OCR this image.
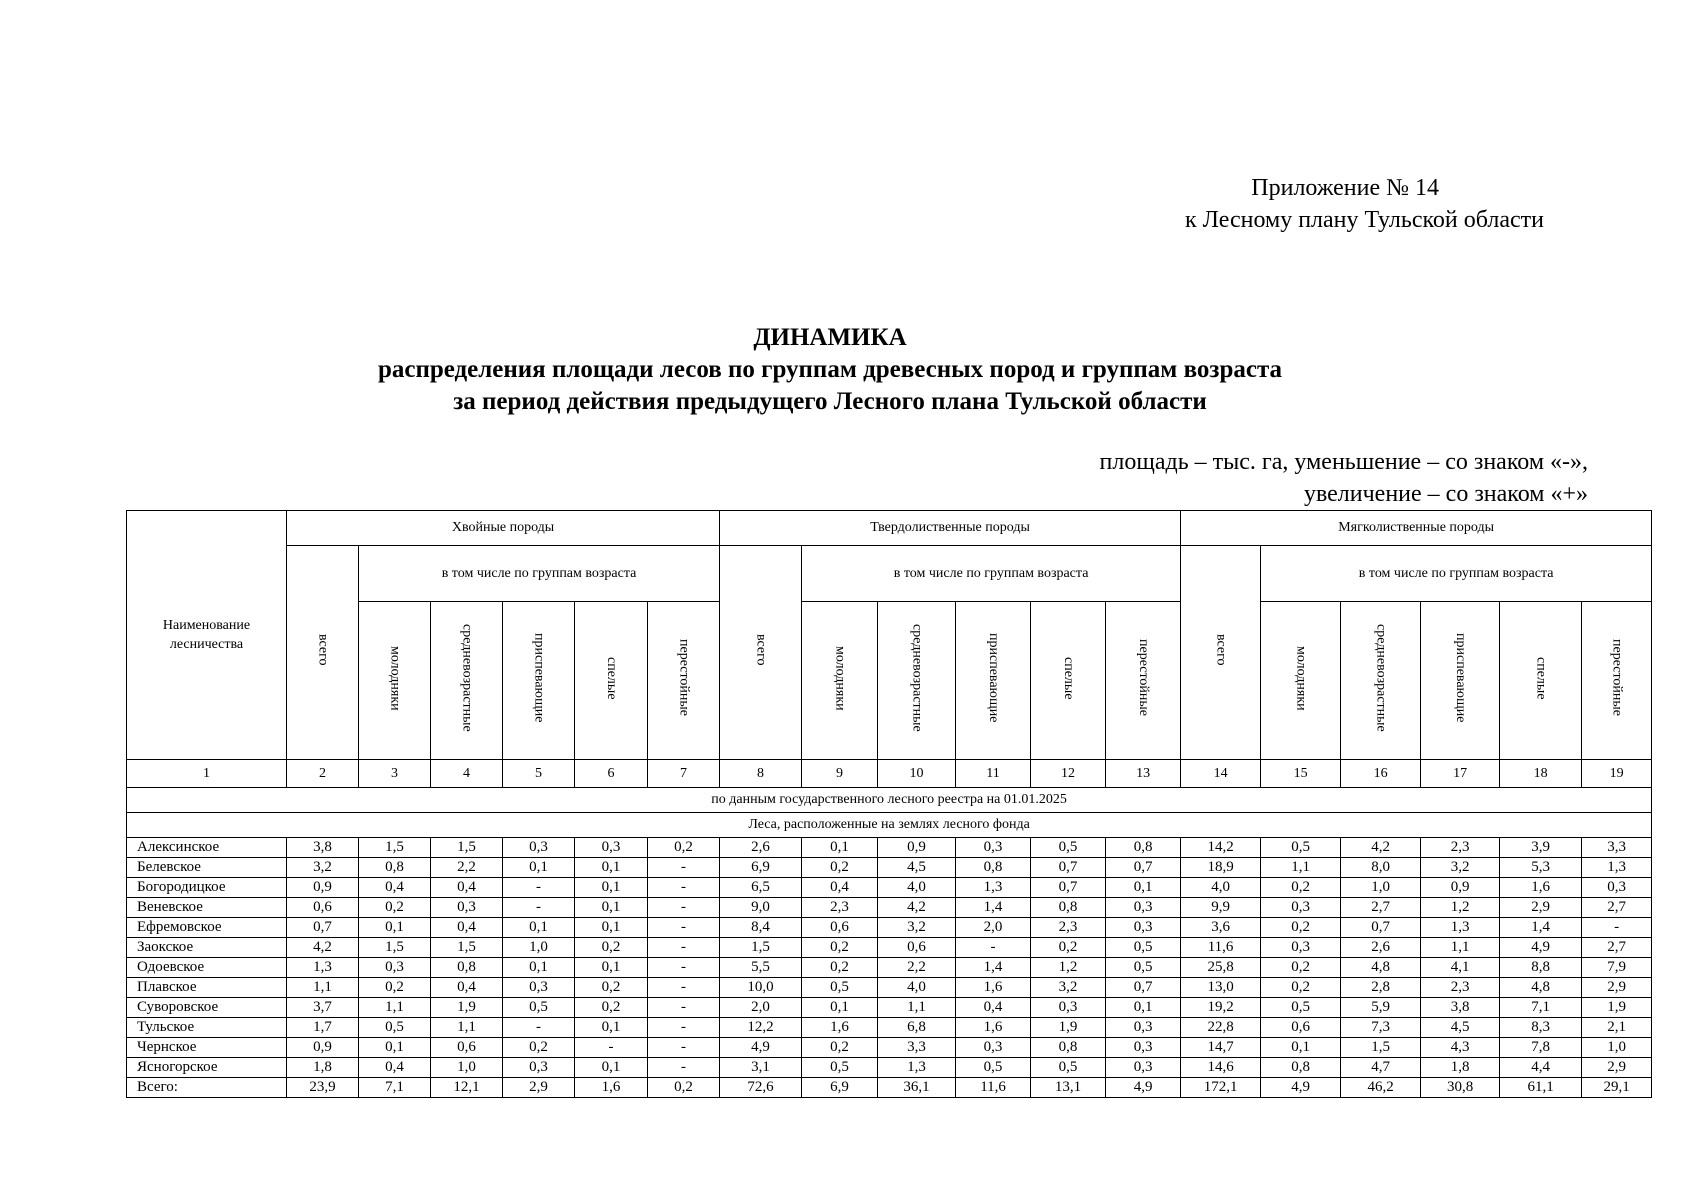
Приложение № 14
к Лесному плану Тульской области
ДИНАМИКА
распределения площади лесов по группам древесных пород и группам возраста
за период действия предыдущего Лесного плана Тульской области
площадь – тыс. га, уменьшение – со знаком «-»,
увеличение – со знаком «+»
Наименование лесничества	Хвойные породы						Твердолиственные породы						Мягколиственные породы					
	всего	в том числе по группам возраста					всего	в том числе по группам возраста					всего	в том числе по группам возраста				
		молодняки	средневозрастные	приспевающие	спелые	перестойные		молодняки	средневозрастные	приспевающие	спелые	перестойные		молодняки	средневозрастные	приспевающие	спелые	перестойные
1	2	3	4	5	6	7	8	9	10	11	12	13	14	15	16	17	18	19
по данным государственного лесного реестра на 01.01.2025																		
Леса, расположенные на землях лесного фонда																		
Алексинское	3,8	1,5	1,5	0,3	0,3	0,2	2,6	0,1	0,9	0,3	0,5	0,8	14,2	0,5	4,2	2,3	3,9	3,3
Белевское	3,2	0,8	2,2	0,1	0,1	-	6,9	0,2	4,5	0,8	0,7	0,7	18,9	1,1	8,0	3,2	5,3	1,3
Богородицкое	0,9	0,4	0,4	-	0,1	-	6,5	0,4	4,0	1,3	0,7	0,1	4,0	0,2	1,0	0,9	1,6	0,3
Веневское	0,6	0,2	0,3	-	0,1	-	9,0	2,3	4,2	1,4	0,8	0,3	9,9	0,3	2,7	1,2	2,9	2,7
Ефремовское	0,7	0,1	0,4	0,1	0,1	-	8,4	0,6	3,2	2,0	2,3	0,3	3,6	0,2	0,7	1,3	1,4	-
Заокское	4,2	1,5	1,5	1,0	0,2	-	1,5	0,2	0,6	-	0,2	0,5	11,6	0,3	2,6	1,1	4,9	2,7
Одоевское	1,3	0,3	0,8	0,1	0,1	-	5,5	0,2	2,2	1,4	1,2	0,5	25,8	0,2	4,8	4,1	8,8	7,9
Плавское	1,1	0,2	0,4	0,3	0,2	-	10,0	0,5	4,0	1,6	3,2	0,7	13,0	0,2	2,8	2,3	4,8	2,9
Суворовское	3,7	1,1	1,9	0,5	0,2	-	2,0	0,1	1,1	0,4	0,3	0,1	19,2	0,5	5,9	3,8	7,1	1,9
Тульское	1,7	0,5	1,1	-	0,1	-	12,2	1,6	6,8	1,6	1,9	0,3	22,8	0,6	7,3	4,5	8,3	2,1
Чернское	0,9	0,1	0,6	0,2	-	-	4,9	0,2	3,3	0,3	0,8	0,3	14,7	0,1	1,5	4,3	7,8	1,0
Ясногорское	1,8	0,4	1,0	0,3	0,1	-	3,1	0,5	1,3	0,5	0,5	0,3	14,6	0,8	4,7	1,8	4,4	2,9
Всего:	23,9	7,1	12,1	2,9	1,6	0,2	72,6	6,9	36,1	11,6	13,1	4,9	172,1	4,9	46,2	30,8	61,1	29,1
